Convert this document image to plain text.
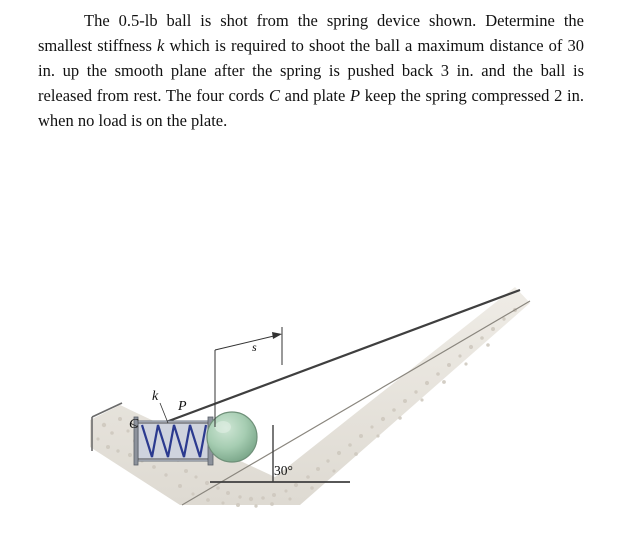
The 0.5-lb ball is shot from the spring device shown. Determine the smallest stiffness k which is required to shoot the ball a maximum distance of 30 in. up the smooth plane after the spring is pushed back 3 in. and the ball is released from rest. The four cords C and plate P keep the spring compressed 2 in. when no load is on the plate.
k
P
C
s
30°
